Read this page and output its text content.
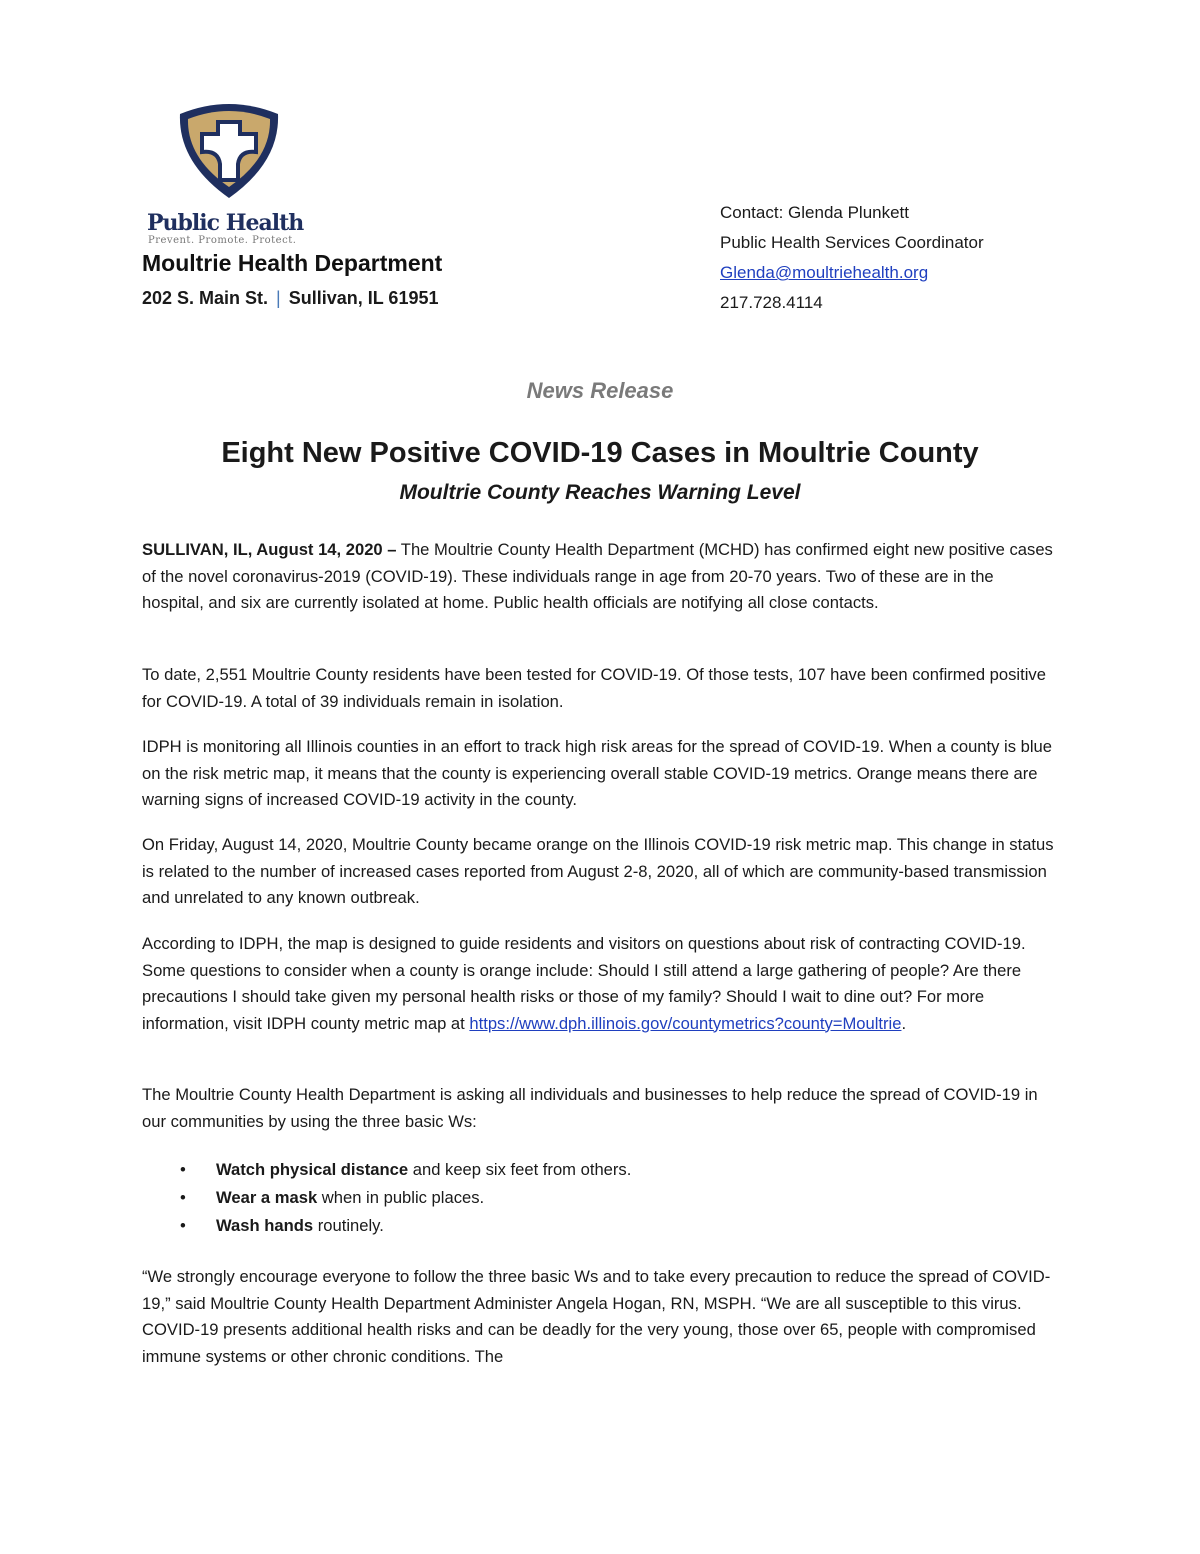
Public Health
Prevent. Promote. Protect.
Moultrie Health Department
202 S. Main St. | Sullivan, IL 61951
Contact: Glenda Plunkett
Public Health Services Coordinator
Glenda@moultriehealth.org
217.728.4114
News Release
Eight New Positive COVID-19 Cases in Moultrie County
Moultrie County Reaches Warning Level

SULLIVAN, IL, August 14, 2020 – The Moultrie County Health Department (MCHD) has confirmed eight new positive cases of the novel coronavirus-2019 (COVID-19). These individuals range in age from 20-70 years. Two of these are in the hospital, and six are currently isolated at home. Public health officials are notifying all close contacts.

To date, 2,551 Moultrie County residents have been tested for COVID-19. Of those tests, 107 have been confirmed positive for COVID-19. A total of 39 individuals remain in isolation.

IDPH is monitoring all Illinois counties in an effort to track high risk areas for the spread of COVID-19. When a county is blue on the risk metric map, it means that the county is experiencing overall stable COVID-19 metrics. Orange means there are warning signs of increased COVID-19 activity in the county.

On Friday, August 14, 2020, Moultrie County became orange on the Illinois COVID-19 risk metric map. This change in status is related to the number of increased cases reported from August 2-8, 2020, all of which are community-based transmission and unrelated to any known outbreak.

According to IDPH, the map is designed to guide residents and visitors on questions about risk of contracting COVID-19. Some questions to consider when a county is orange include: Should I still attend a large gathering of people? Are there precautions I should take given my personal health risks or those of my family? Should I wait to dine out? For more information, visit IDPH county metric map at https://www.dph.illinois.gov/countymetrics?county=Moultrie.

The Moultrie County Health Department is asking all individuals and businesses to help reduce the spread of COVID-19 in our communities by using the three basic Ws:

• Watch physical distance and keep six feet from others.
• Wear a mask when in public places.
• Wash hands routinely.

“We strongly encourage everyone to follow the three basic Ws and to take every precaution to reduce the spread of COVID-19,” said Moultrie County Health Department Administer Angela Hogan, RN, MSPH. “We are all susceptible to this virus. COVID-19 presents additional health risks and can be deadly for the very young, those over 65, people with compromised immune systems or other chronic conditions. The
